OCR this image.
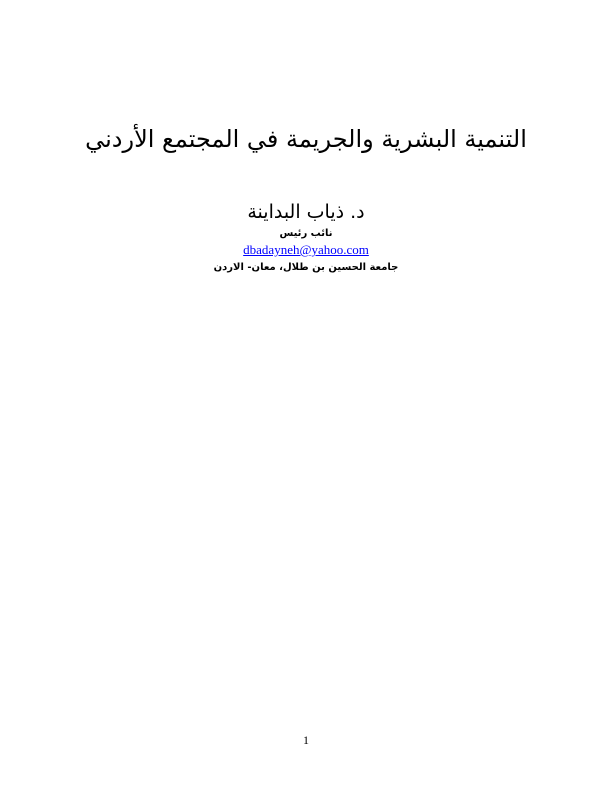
التنمية البشرية والجريمة في المجتمع الأردني
د. ذياب البداينة
نائب رئيس
dbadayneh@yahoo.com
جامعة الحسين بن طلال، معان- الاردن
1
